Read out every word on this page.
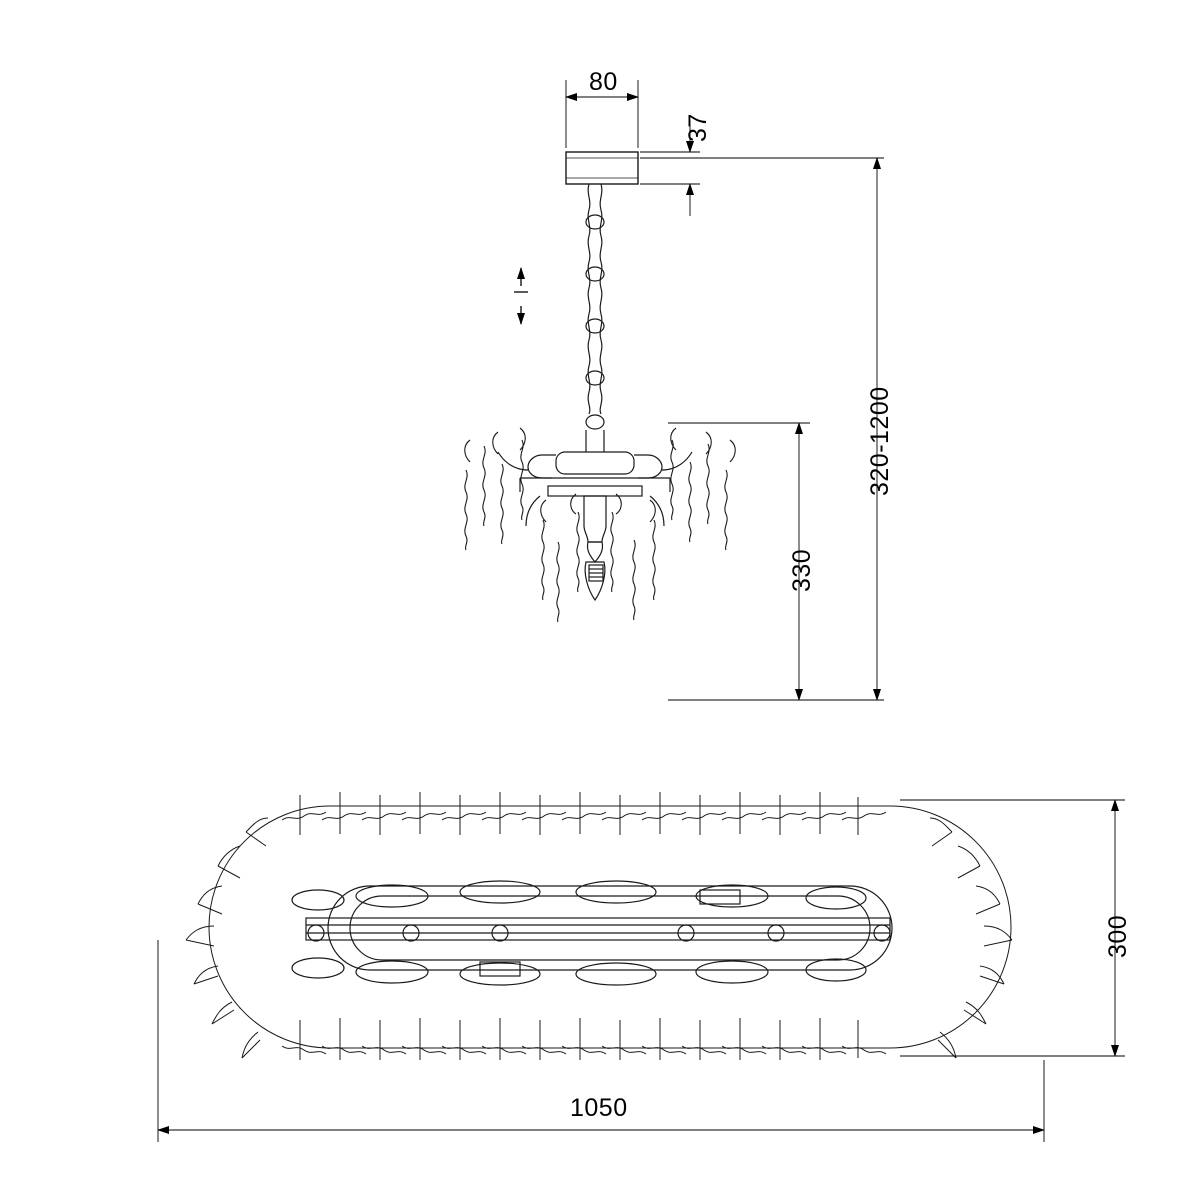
80
37
320-1200
330
300
1050
